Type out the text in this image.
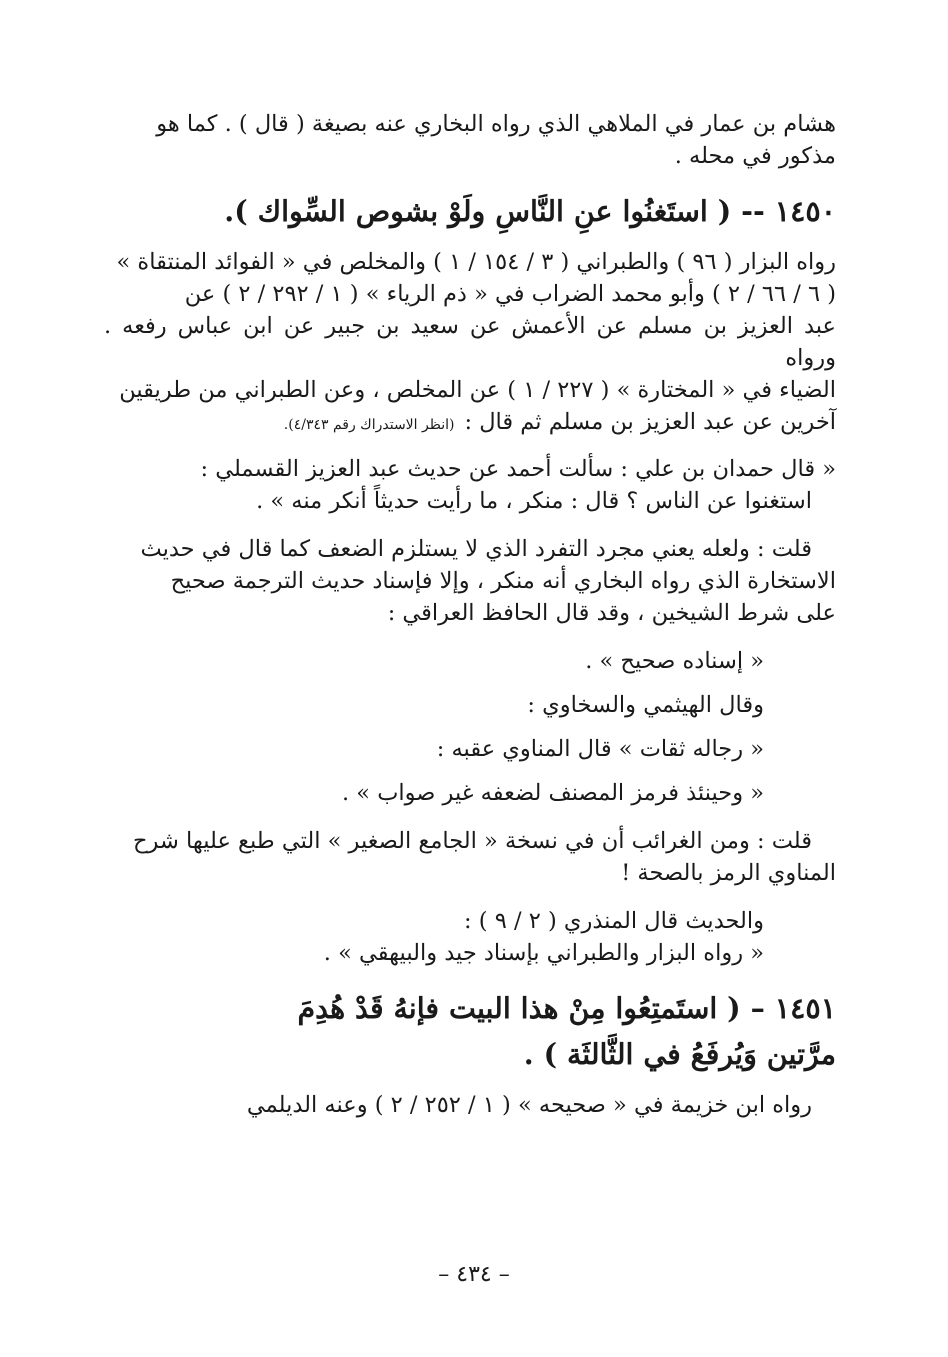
هشام بن عمار في الملاهي الذي رواه البخاري عنه بصيغة ( قال ) . كما هو
مذكور في محله .
١٤٥٠ -- ( استَغنُوا عنِ النَّاسِ ولَوْ بشوص السِّواك ).
رواه البزار ( ٩٦ ) والطبراني ( ٣ / ١٥٤ / ١ ) والمخلص في « الفوائد المنتقاة »
( ٦ / ٦٦ / ٢ ) وأبو محمد الضراب في « ذم الرياء » ( ١ / ٢٩٢ / ٢ ) عن
عبد العزيز بن مسلم عن الأعمش عن سعيد بن جبير عن ابن عباس رفعه . ورواه
الضياء في « المختارة » ( ٢٢٧ / ١ ) عن المخلص ، وعن الطبراني من طريقين
آخرين عن عبد العزيز بن مسلم ثم قال :(انظر الاستدراك رقم ٤/٣٤٣).
« قال حمدان بن علي : سألت أحمد عن حديث عبد العزيز القسملي :
استغنوا عن الناس ؟ قال : منكر ، ما رأيت حديثاً أنكر منه » .
قلت : ولعله يعني مجرد التفرد الذي لا يستلزم الضعف كما قال في حديث
الاستخارة الذي رواه البخاري أنه منكر ، وإلا فإسناد حديث الترجمة صحيح
على شرط الشيخين ، وقد قال الحافظ العراقي :
« إسناده صحيح » .
وقال الهيثمي والسخاوي :
« رجاله ثقات » قال المناوي عقبه :
« وحينئذ فرمز المصنف لضعفه غير صواب » .
قلت : ومن الغرائب أن في نسخة « الجامع الصغير » التي طبع عليها شرح
المناوي الرمز بالصحة !
والحديث قال المنذري ( ٢ / ٩ ) :
« رواه البزار والطبراني بإسناد جيد والبيهقي » .
١٤٥١ – ( استَمتِعُوا مِنْ هذا البيت فإنهُ قَدْ هُدِمَ
مرَّتين وَيُرفَعُ في الثَّالثَة ) .
رواه ابن خزيمة في « صحيحه » ( ١ / ٢٥٢ / ٢ ) وعنه الديلمي
– ٤٣٤ –
